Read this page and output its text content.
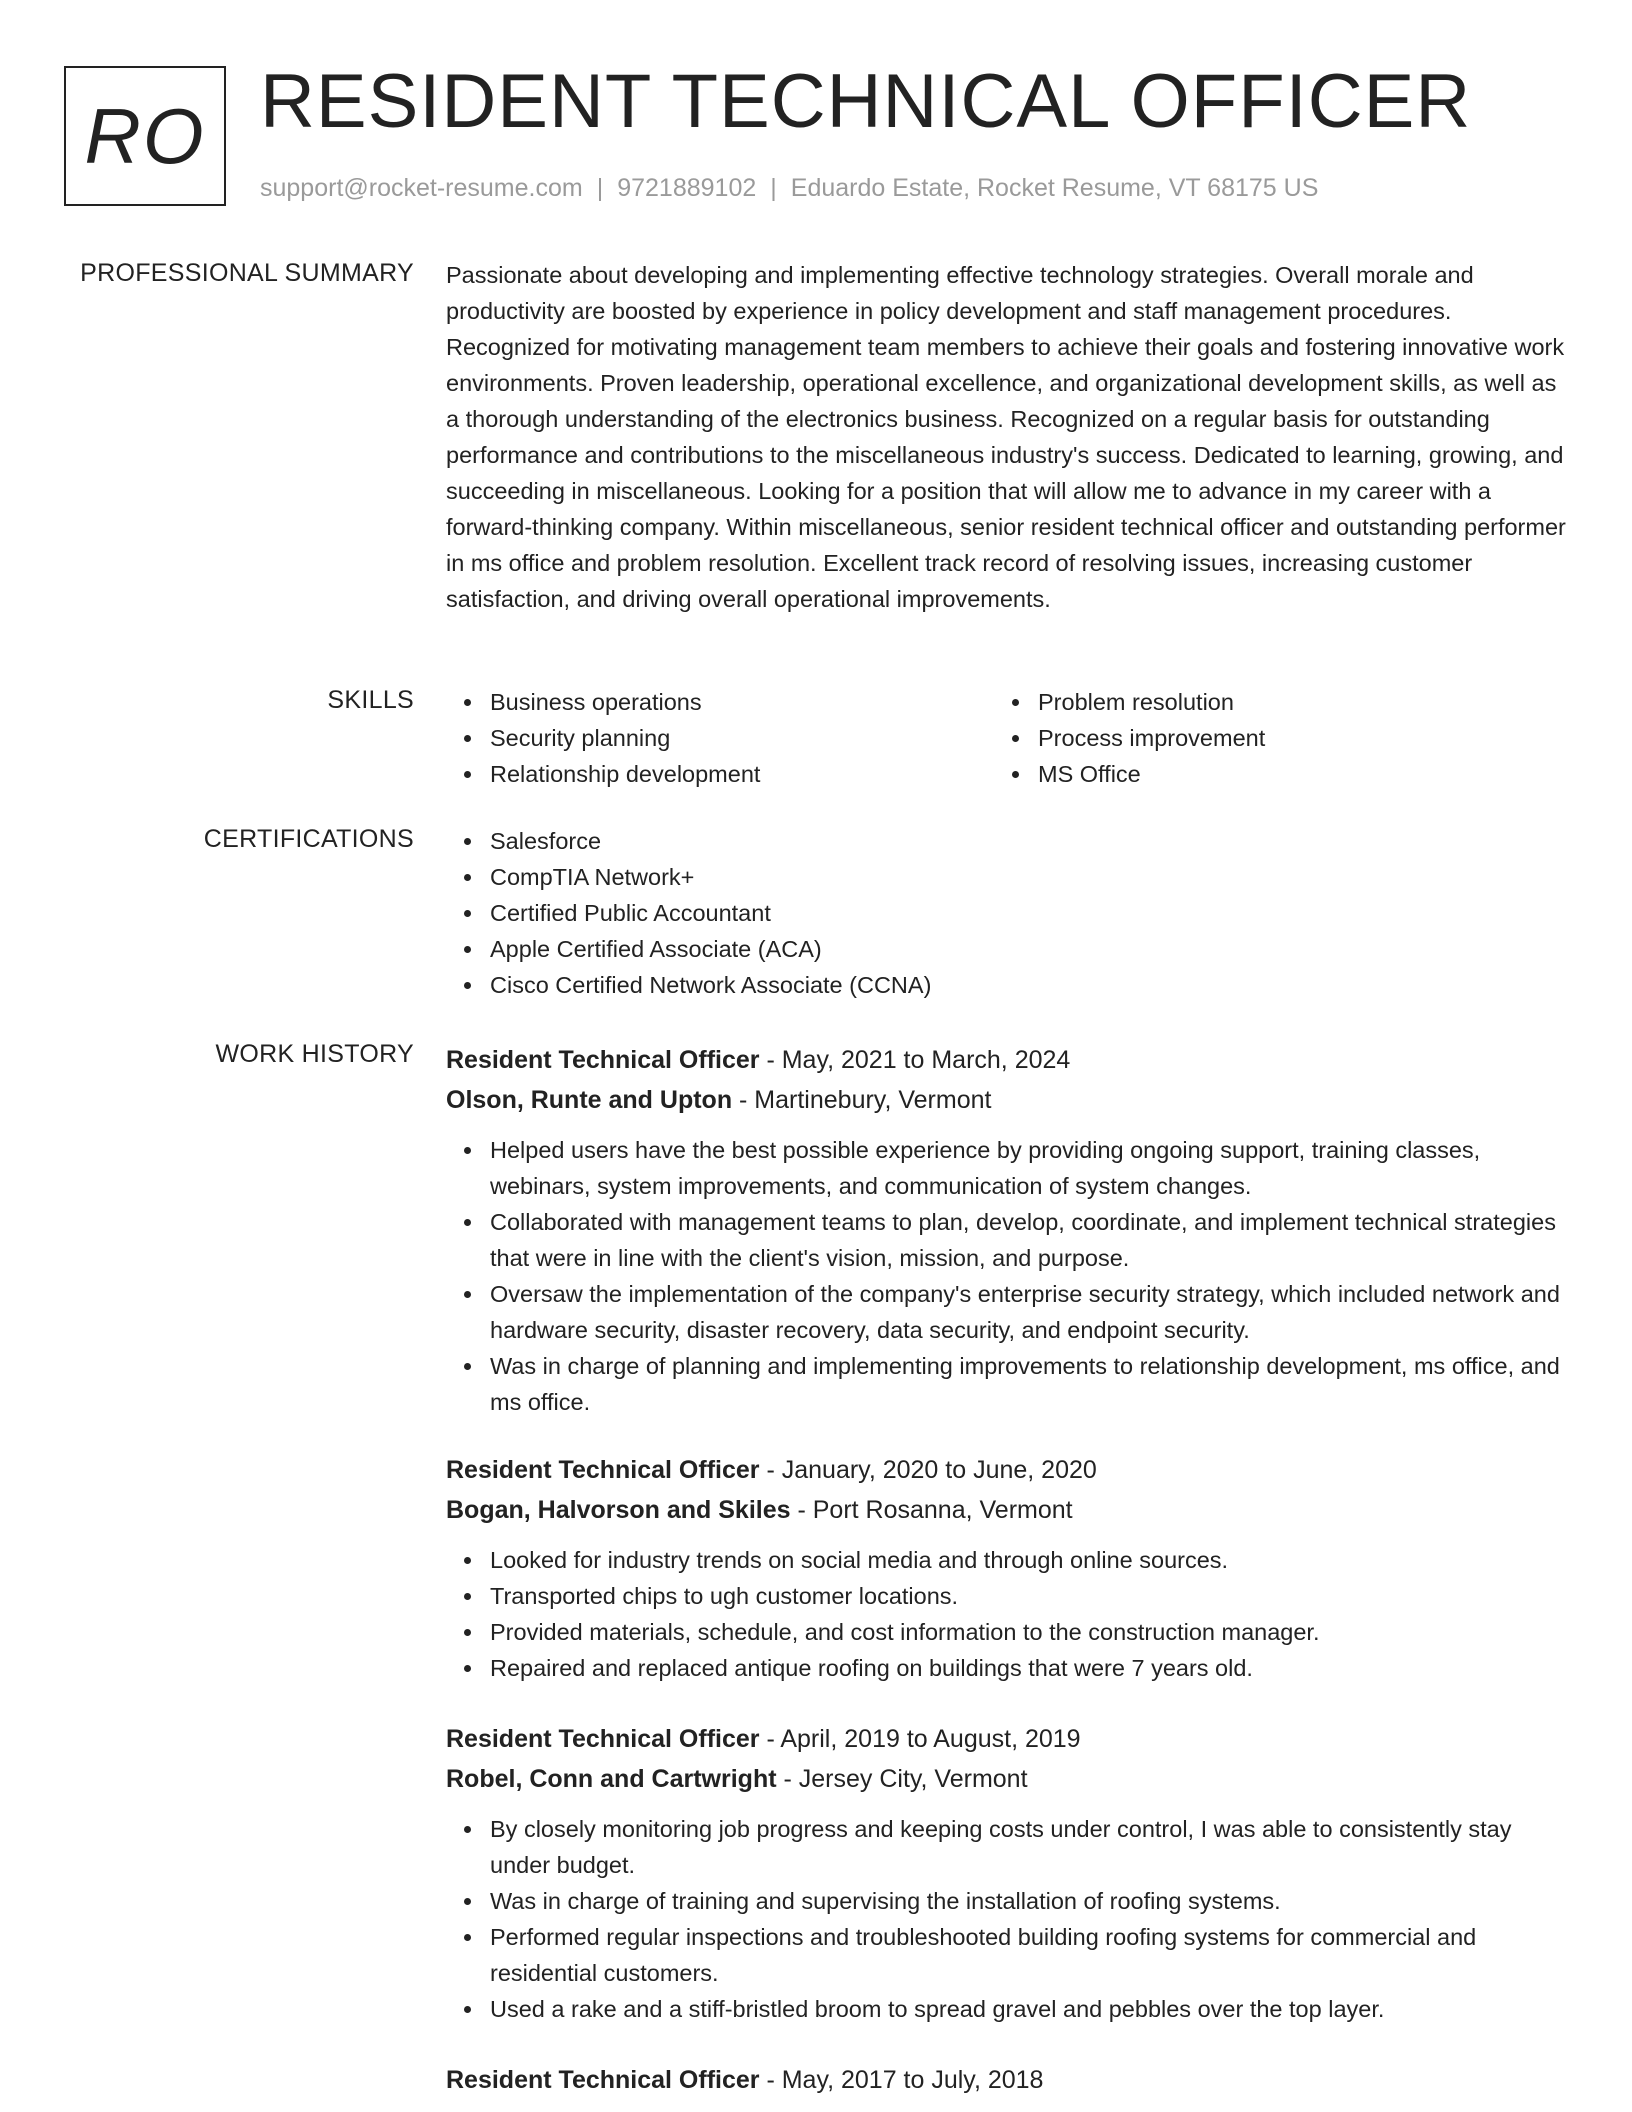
RO RESIDENT TECHNICAL OFFICER
support@rocket-resume.com | 9721889102 | Eduardo Estate, Rocket Resume, VT 68175 US
PROFESSIONAL SUMMARY Passionate about developing and implementing effective technology strategies. Overall morale and productivity are boosted by experience in policy development and staff management procedures. Recognized for motivating management team members to achieve their goals and fostering innovative work environments. Proven leadership, operational excellence, and organizational development skills, as well as a thorough understanding of the electronics business. Recognized on a regular basis for outstanding performance and contributions to the miscellaneous industry's success. Dedicated to learning, growing, and succeeding in miscellaneous. Looking for a position that will allow me to advance in my career with a forward-thinking company. Within miscellaneous, senior resident technical officer and outstanding performer in ms office and problem resolution. Excellent track record of resolving issues, increasing customer satisfaction, and driving overall operational improvements.

SKILLS	Business operations
Security planning
Relationship development
Problem resolution
Process improvement
MS Office
CERTIFICATIONS	Salesforce
CompTIA Network+
Certified Public Accountant
Apple Certified Associate (ACA)
Cisco Certified Network Associate (CCNA)
WORK HISTORY Resident Technical Officer - May, 2021 to March, 2024
Olson, Runte and Upton - Martinebury, Vermont
Helped users have the best possible experience by providing ongoing support, training classes, webinars, system improvements, and communication of system changes.
Collaborated with management teams to plan, develop, coordinate, and implement technical strategies that were in line with the client's vision, mission, and purpose.
Oversaw the implementation of the company's enterprise security strategy, which included network and hardware security, disaster recovery, data security, and endpoint security.
Was in charge of planning and implementing improvements to relationship development, ms office, and ms office.
Resident Technical Officer - January, 2020 to June, 2020
Bogan, Halvorson and Skiles - Port Rosanna, Vermont
Looked for industry trends on social media and through online sources.
Transported chips to ugh customer locations.
Provided materials, schedule, and cost information to the construction manager.
Repaired and replaced antique roofing on buildings that were 7 years old.
Resident Technical Officer - April, 2019 to August, 2019
Robel, Conn and Cartwright - Jersey City, Vermont
By closely monitoring job progress and keeping costs under control, I was able to consistently stay under budget.
Was in charge of training and supervising the installation of roofing systems.
Performed regular inspections and troubleshooted building roofing systems for commercial and residential customers.
Used a rake and a stiff-bristled broom to spread gravel and pebbles over the top layer.
Resident Technical Officer - May, 2017 to July, 2018
